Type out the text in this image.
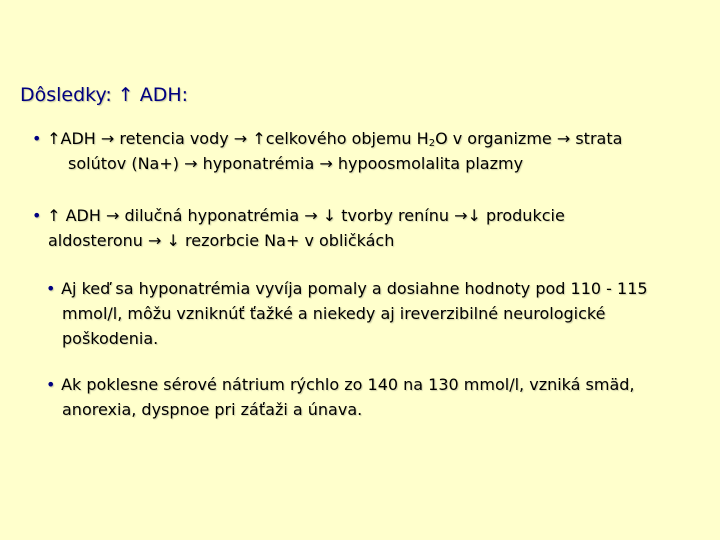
Dôsledky: ↑ ADH:
• ↑ADH → retencia vody → ↑celkového objemu $H_2O$ v organizme → strata
solútov (Na+) → hyponatrémia → hypoosmolalita plazmy
• ↑ ADH → dilučná hyponatrémia → ↓ tvorby renínu →↓ produkcie
aldosteronu → ↓ rezorbcie Na+ v obličkách
• Aj keď sa hyponatrémia vyvíja pomaly a dosiahne hodnoty pod 110 - 115
mmol/l, môžu vzniknúť ťažké a niekedy aj ireverzibilné neurologické
poškodenia.
• Ak poklesne sérové nátrium rýchlo zo 140 na 130 mmol/l, vzniká smäd,
anorexia, dyspnoe pri záťaži a únava.
